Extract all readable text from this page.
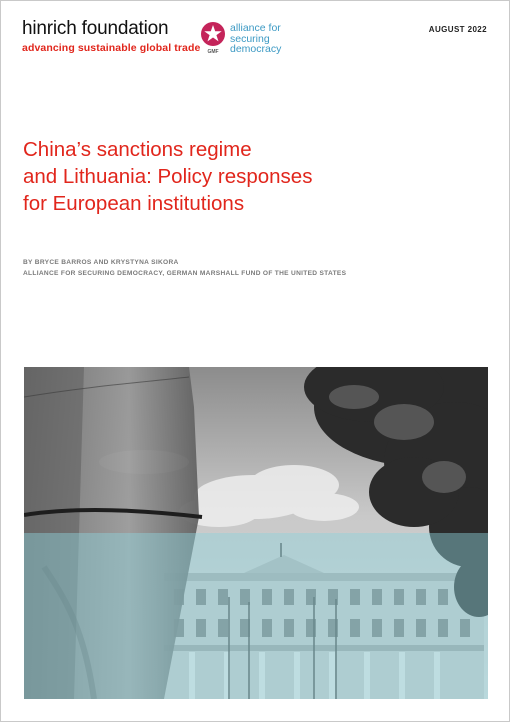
hinrich foundation
advancing sustainable global trade GMF
alliance for
securing
democracy
AUGUST 2022
China’s sanctions regime
and Lithuania: Policy responses
for European institutions
BY BRYCE BARROS AND KRYSTYNA SIKORA
ALLIANCE FOR SECURING DEMOCRACY, GERMAN MARSHALL FUND OF THE UNITED STATES
